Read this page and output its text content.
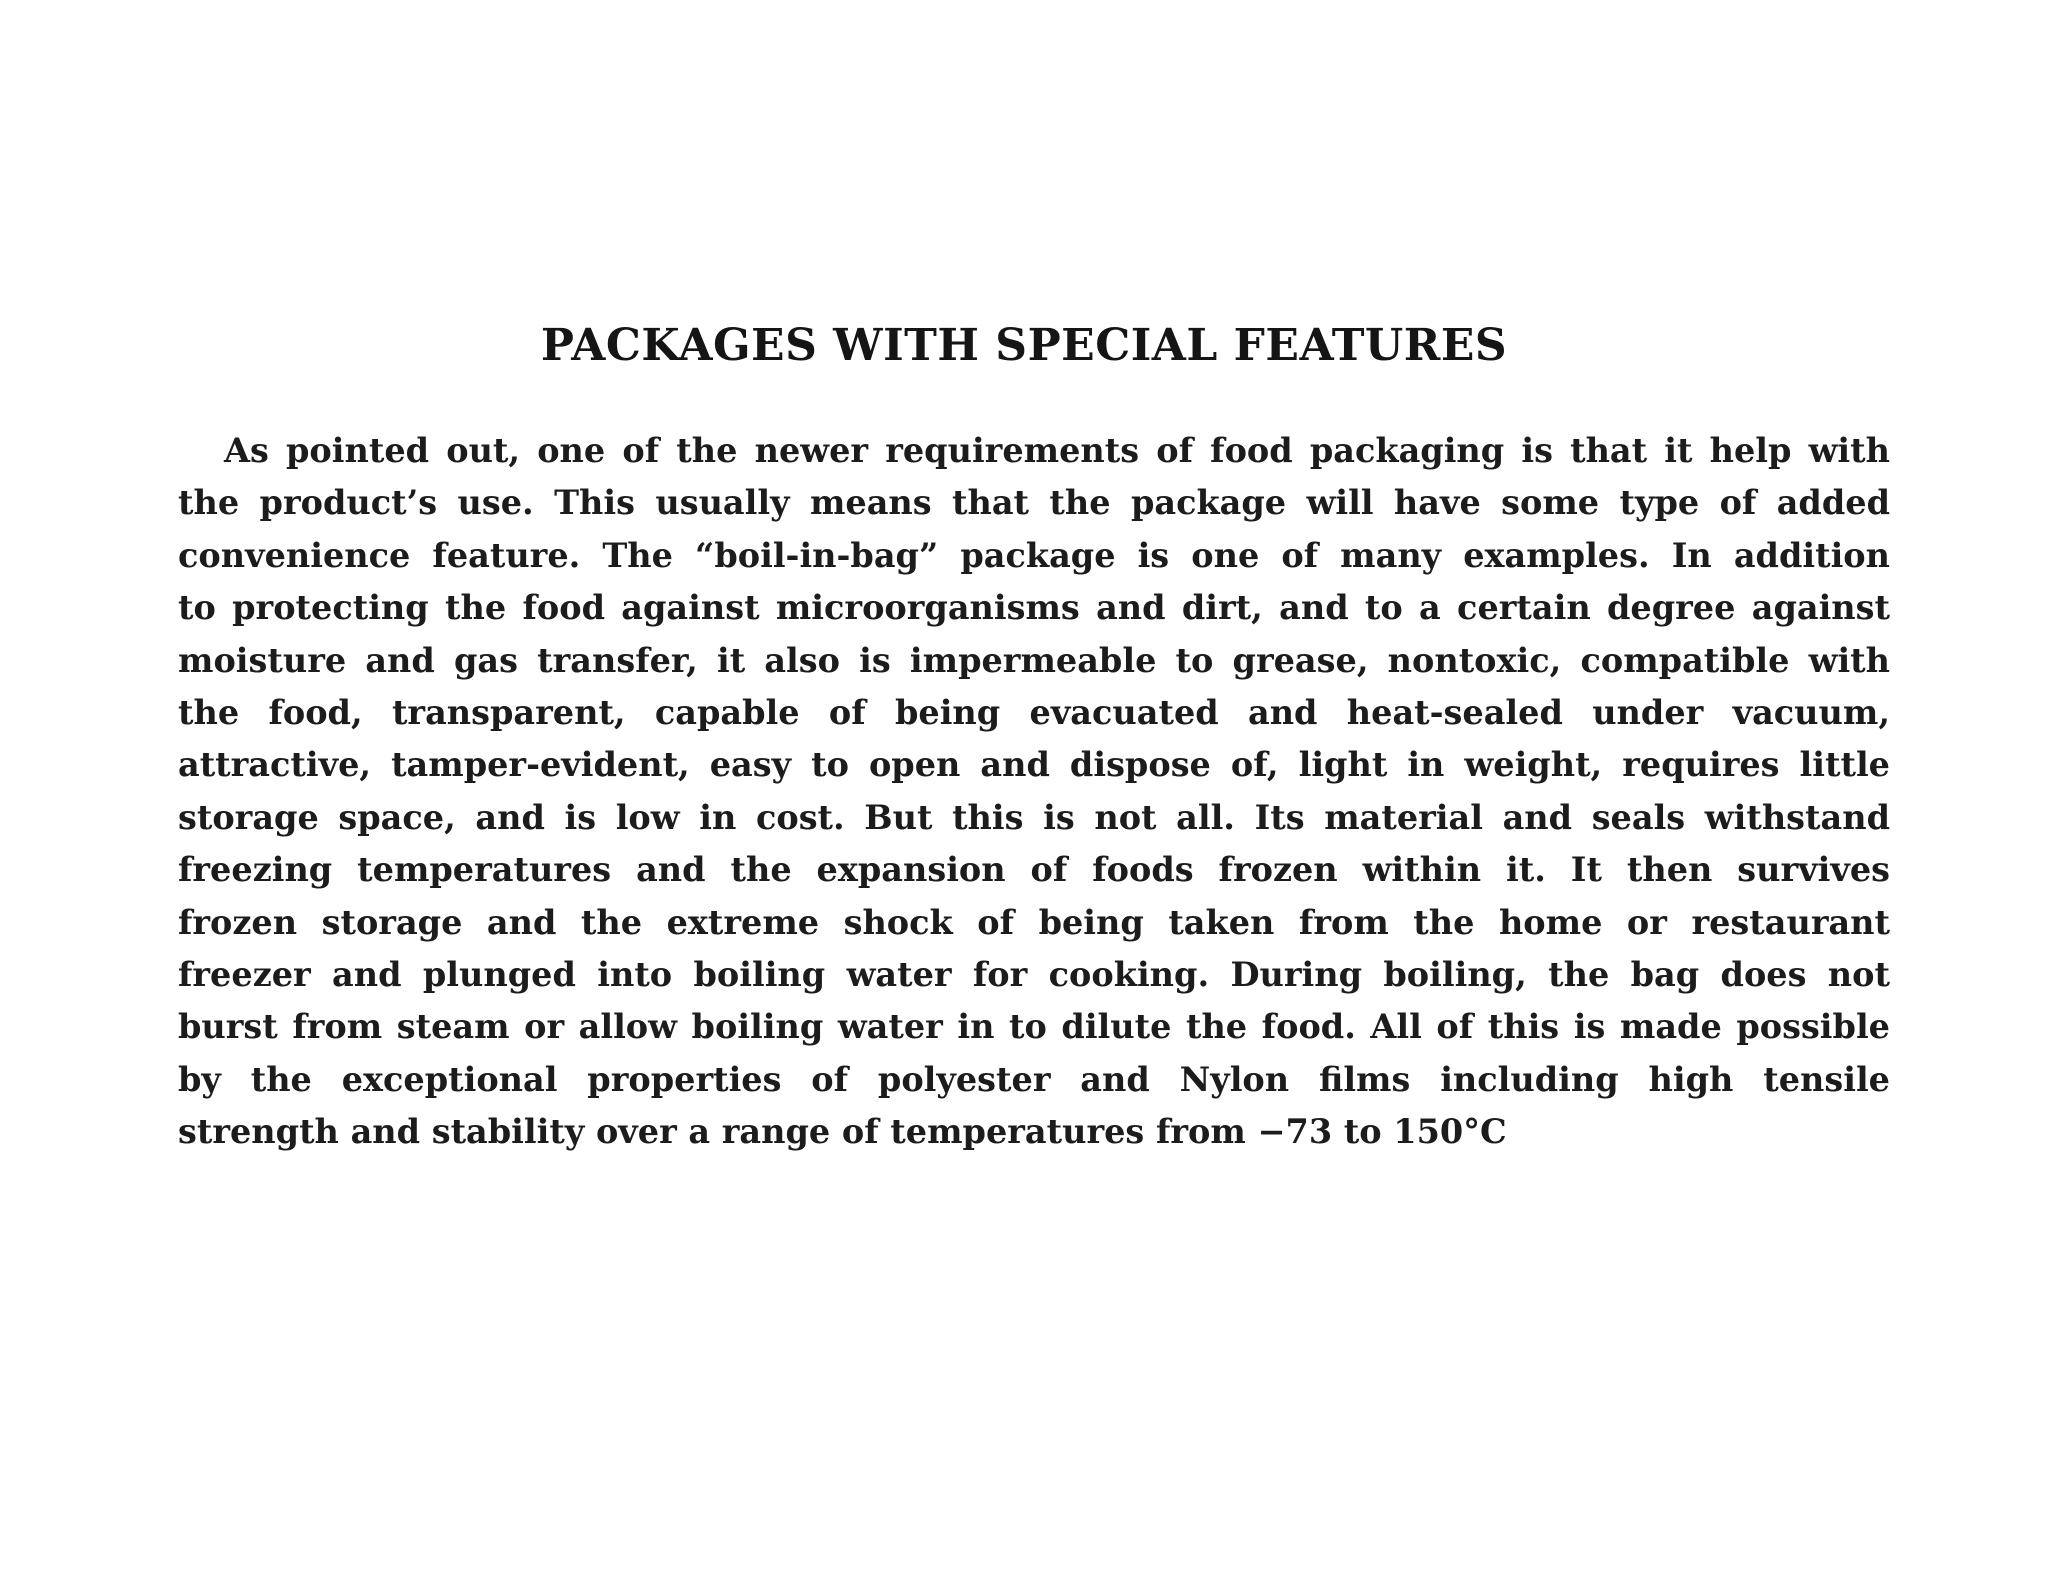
PACKAGES WITH SPECIAL FEATURES
As pointed out, one of the newer requirements of food packaging is that it help with
the product’s use. This usually means that the package will have some type of added
convenience feature. The “boil-in-bag” package is one of many examples. In addition
to protecting the food against microorganisms and dirt, and to a certain degree against
moisture and gas transfer, it also is impermeable to grease, nontoxic, compatible with
the food, transparent, capable of being evacuated and heat-sealed under vacuum,
attractive, tamper-evident, easy to open and dispose of, light in weight, requires little
storage space, and is low in cost. But this is not all. Its material and seals withstand
freezing temperatures and the expansion of foods frozen within it. It then survives
frozen storage and the extreme shock of being taken from the home or restaurant
freezer and plunged into boiling water for cooking. During boiling, the bag does not
burst from steam or allow boiling water in to dilute the food. All of this is made possible
by the exceptional properties of polyester and Nylon films including high tensile
strength and stability over a range of temperatures from −73 to 150°C
